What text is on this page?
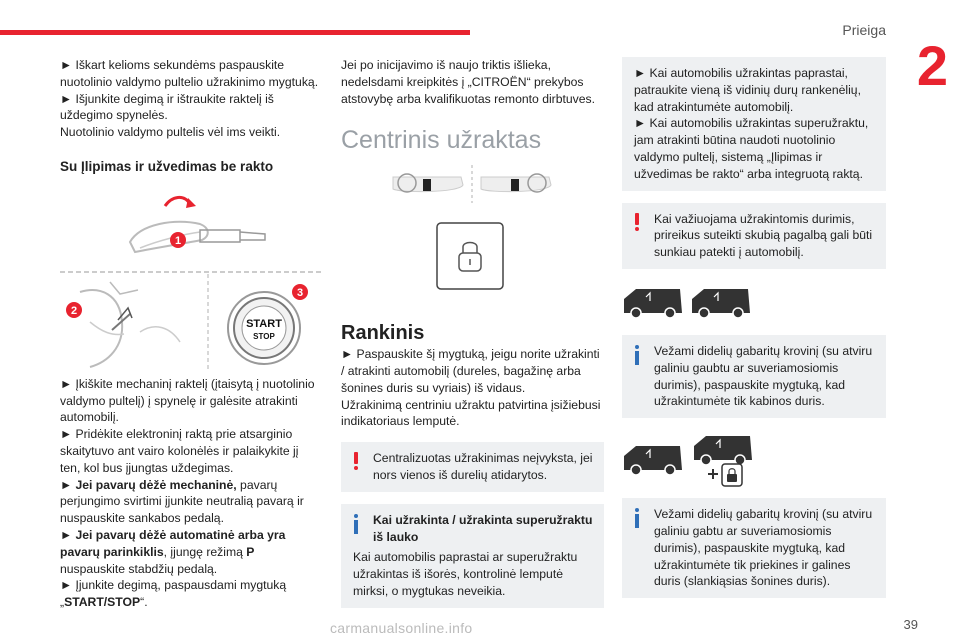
Prieiga
2

► Iškart kelioms sekundėms paspauskite nuotolinio valdymo pultelio užrakinimo mygtuką.

► Išjunkite degimą ir ištraukite raktelį iš uždegimo spynelės.

Nuotolinio valdymo pultelis vėl ims veikti.

Su Įlipimas ir užvedimas be rakto

1
2
START
STOP
3

► Įkiškite mechaninį raktelį (įtaisytą į nuotolinio valdymo pultelį) į spynelę ir galėsite atrakinti automobilį.

► Pridėkite elektroninį raktą prie atsarginio skaitytuvo ant vairo kolonėlės ir palaikykite jį ten, kol bus įjungtas uždegimas.

► Jei pavarų dėžė mechaninė, pavarų perjungimo svirtimi įjunkite neutralią pavarą ir nuspauskite sankabos pedalą.

► Jei pavarų dėžė automatinė arba yra pavarų parinkiklis, įjungę režimą P nuspauskite stabdžių pedalą.

► Įjunkite degimą, paspausdami mygtuką

„START/STOP“.

Jei po inicijavimo iš naujo triktis išlieka, nedelsdami kreipkitės į „CITROËN“ prekybos atstovybę arba kvalifikuotas remonto dirbtuves.

Centrinis užraktas

Rankinis

► Paspauskite šį mygtuką, jeigu norite užrakinti / atrakinti automobilį (dureles, bagažinę arba šonines duris su vyriais) iš vidaus.

Užrakinimą centriniu užraktu patvirtina įsižiebusi indikatoriaus lemputė.

Centralizuotas užrakinimas neįvyksta, jei nors vienos iš durelių atidarytos.

Kai užrakinta / užrakinta superužraktu iš lauko

Kai automobilis paprastai ar superužraktu užrakintas iš išorės, kontrolinė lemputė mirksi, o mygtukas neveikia.

► Kai automobilis užrakintas paprastai, patraukite vieną iš vidinių durų rankenėlių, kad atrakintumėte automobilį.

► Kai automobilis užrakintas superužraktu, jam atrakinti būtina naudoti nuotolinio valdymo pultelį, sistemą „Įlipimas ir užvedimas be rakto“ arba integruotą raktą.

Kai važiuojama užrakintomis durimis, prireikus suteikti skubią pagalbą gali būti sunkiau patekti į automobilį.

Vežami didelių gabaritų krovinį (su atviru galiniu gaubtu ar suveriamosiomis durimis), paspauskite mygtuką, kad užrakintumėte tik kabinos duris.

Vežami didelių gabaritų krovinį (su atviru galiniu gabtu ar suveriamosiomis durimis), paspauskite mygtuką, kad užrakintumėte tik priekines ir galines duris (slankiąsias šonines duris).

carmanualsonline.info	39
